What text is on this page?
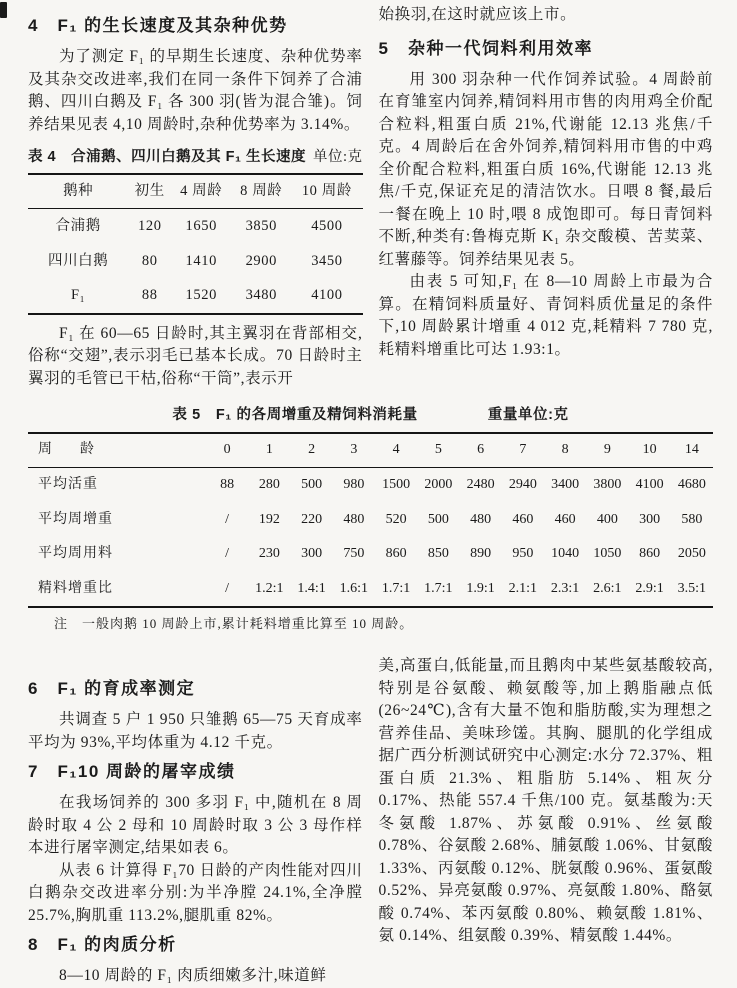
4　F₁ 的生长速度及其杂种优势

为了测定 F₁ 的早期生长速度、杂种优势率及其杂交改进率,我们在同一条件下饲养了合浦鹅、四川白鹅及 F₁ 各 300 羽(皆为混合雏)。饲养结果见表 4,10 周龄时,杂种优势率为 3.14%。

表 4　合浦鹅、四川白鹅及其 F₁ 生长速度 单位:克
鹅种	初生	4 周龄	8 周龄	10 周龄
合浦鹅	120	1650	3850	4500
四川白鹅	80	1410	2900	3450
F₁	88	1520	3480	4100

F₁ 在 60—65 日龄时,其主翼羽在背部相交,俗称“交翅”,表示羽毛已基本长成。70 日龄时主翼羽的毛管已干枯,俗称“干筒”,表示开

始换羽,在这时就应该上市。

5　杂种一代饲料利用效率

用 300 羽杂种一代作饲养试验。4 周龄前在育雏室内饲养,精饲料用市售的肉用鸡全价配合粒料,粗蛋白质 21%,代谢能 12.13 兆焦/千克。4 周龄后在舍外饲养,精饲料用市售的中鸡全价配合粒料,粗蛋白质 16%,代谢能 12.13 兆焦/千克,保证充足的清洁饮水。日喂 8 餐,最后一餐在晚上 10 时,喂 8 成饱即可。每日青饲料不断,种类有:鲁梅克斯 K₁ 杂交酸模、苦荬菜、红薯藤等。饲养结果见表 5。

由表 5 可知,F₁ 在 8—10 周龄上市最为合算。在精饲料质量好、青饲料质优量足的条件下,10 周龄累计增重 4 012 克,耗精料 7 780 克,耗精料增重比可达 1.93:1。

表 5　F₁ 的各周增重及精饲料消耗量	重量单位:克
周　　龄	0	1	2	3	4	5	6	7	8	9	10	14
平均活重	88	280	500	980	1500	2000	2480	2940	3400	3800	4100	4680
平均周增重	/	192	220	480	520	500	480	460	460	400	300	580
平均周用料	/	230	300	750	860	850	890	950	1040	1050	860	2050
精料增重比	/	1.2:1	1.4:1	1.6:1	1.7:1	1.7:1	1.9:1	2.1:1	2.3:1	2.6:1	2.9:1	3.5:1

注　一般肉鹅 10 周龄上市,累计耗料增重比算至 10 周龄。

6　F₁ 的育成率测定

共调查 5 户 1 950 只雏鹅 65—75 天育成率平均为 93%,平均体重为 4.12 千克。

7　F₁10 周龄的屠宰成绩

在我场饲养的 300 多羽 F₁ 中,随机在 8 周龄时取 4 公 2 母和 10 周龄时取 3 公 3 母作样本进行屠宰测定,结果如表 6。

从表 6 计算得 F₁70 日龄的产肉性能对四川白鹅杂交改进率分别:为半净膛 24.1%,全净膛 25.7%,胸肌重 113.2%,腿肌重 82%。

8　F₁ 的肉质分析

8—10 周龄的 F₁ 肉质细嫩多汁,味道鲜

美,高蛋白,低能量,而且鹅肉中某些氨基酸较高,特别是谷氨酸、赖氨酸等,加上鹅脂融点低(26~24℃),含有大量不饱和脂肪酸,实为理想之营养佳品、美味珍馐。其胸、腿肌的化学组成据广西分析测试研究中心测定:水分 72.37%、粗蛋白质 21.3%、粗脂肪 5.14%、粗灰分 0.17%、热能 557.4 千焦/100 克。氨基酸为:天冬氨酸 1.87%、苏氨酸 0.91%、丝氨酸 0.78%、谷氨酸 2.68%、脯氨酸 1.06%、甘氨酸 1.33%、丙氨酸 0.12%、胱氨酸 0.96%、蛋氨酸 0.52%、异亮氨酸 0.97%、亮氨酸 1.80%、酪氨酸 0.74%、苯丙氨酸 0.80%、赖氨酸 1.81%、氨 0.14%、组氨酸 0.39%、精氨酸 1.44%。
